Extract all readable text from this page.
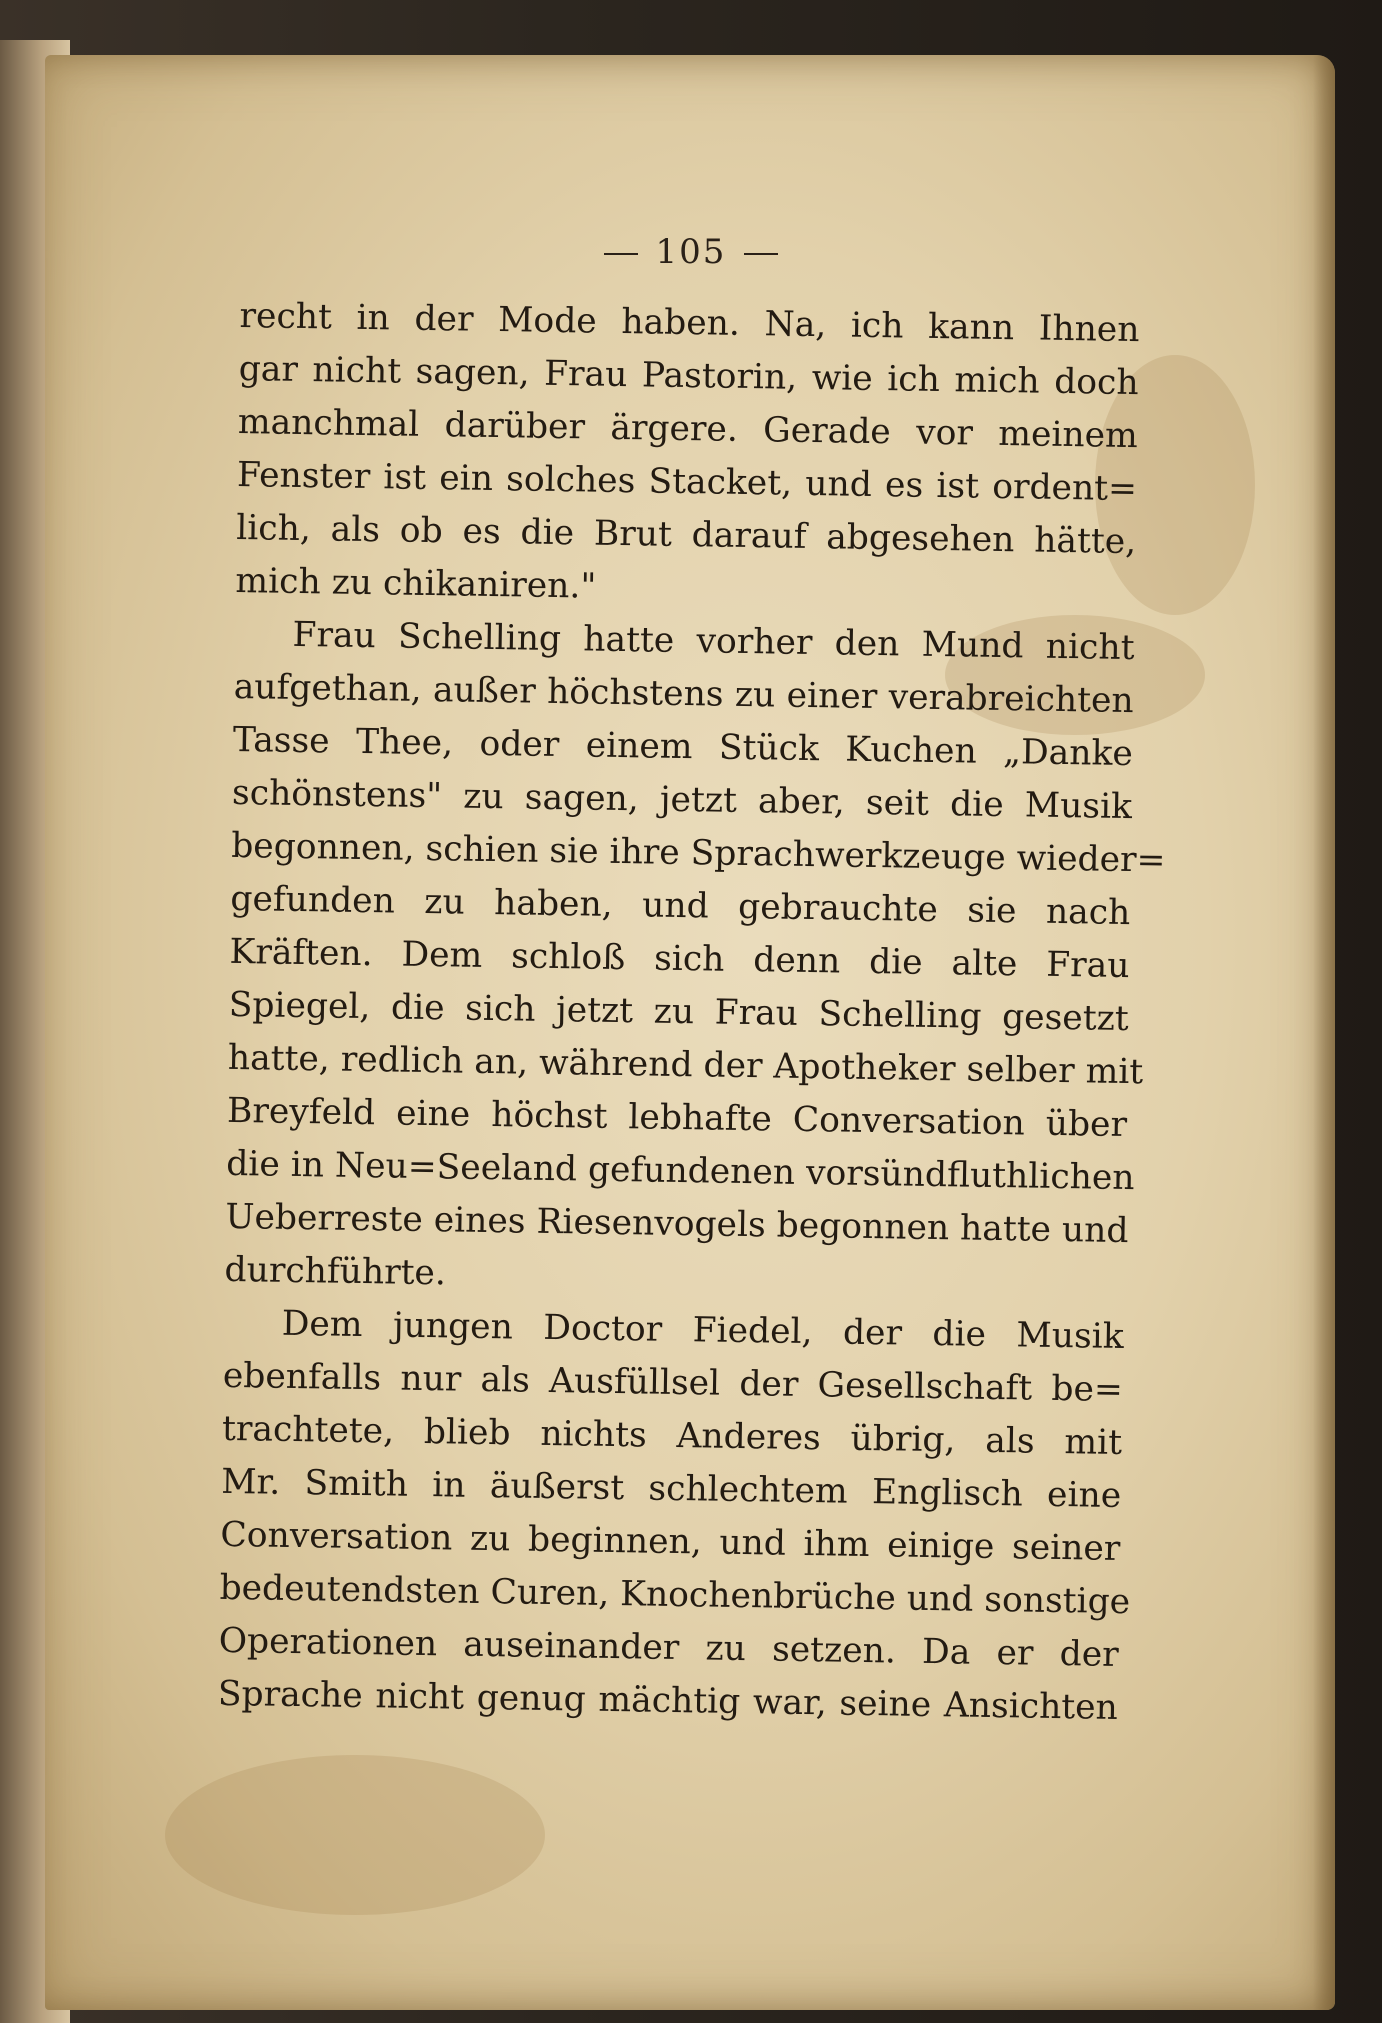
105

recht in der Mode haben. Na, ich kann Ihnen
gar nicht sagen, Frau Pastorin, wie ich mich doch
manchmal darüber ärgere. Gerade vor meinem
Fenster ist ein solches Stacket, und es ist ordent=
lich, als ob es die Brut darauf abgesehen hätte,
mich zu chikaniren."

Frau Schelling hatte vorher den Mund nicht
aufgethan, außer höchstens zu einer verabreichten
Tasse Thee, oder einem Stück Kuchen „Danke
schönstens" zu sagen, jetzt aber, seit die Musik
begonnen, schien sie ihre Sprachwerkzeuge wieder=
gefunden zu haben, und gebrauchte sie nach
Kräften. Dem schloß sich denn die alte Frau
Spiegel, die sich jetzt zu Frau Schelling gesetzt
hatte, redlich an, während der Apotheker selber mit
Breyfeld eine höchst lebhafte Conversation über
die in Neu=Seeland gefundenen vorsündfluthlichen
Ueberreste eines Riesenvogels begonnen hatte und
durchführte.

Dem jungen Doctor Fiedel, der die Musik
ebenfalls nur als Ausfüllsel der Gesellschaft be=
trachtete, blieb nichts Anderes übrig, als mit
Mr. Smith in äußerst schlechtem Englisch eine
Conversation zu beginnen, und ihm einige seiner
bedeutendsten Curen, Knochenbrüche und sonstige
Operationen auseinander zu setzen. Da er der
Sprache nicht genug mächtig war, seine Ansichten
